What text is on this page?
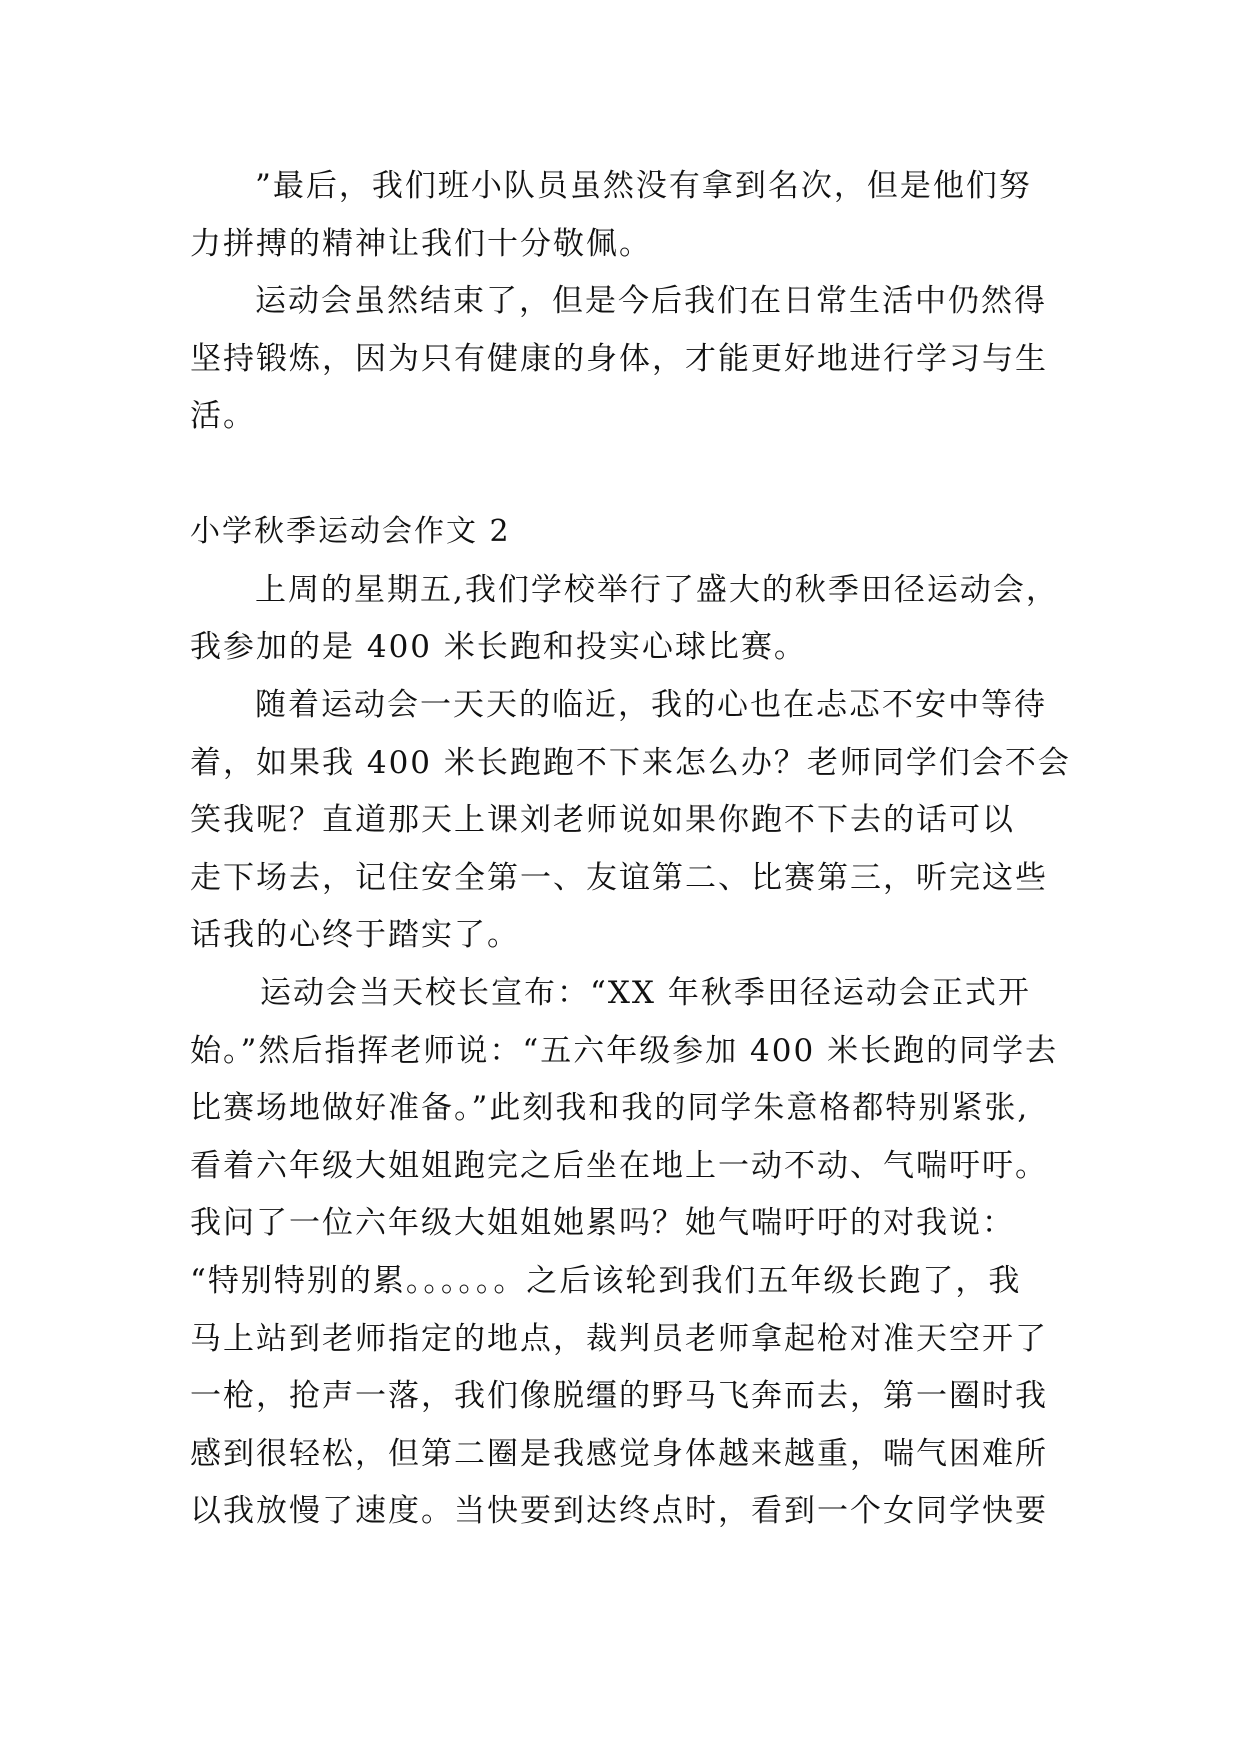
”最后，我们班小队员虽然没有拿到名次，但是他们努
力拼搏的精神让我们十分敬佩。
运动会虽然结束了，但是今后我们在日常生活中仍然得
坚持锻炼，因为只有健康的身体，才能更好地进行学习与生
活。
小学秋季运动会作文 2
上周的星期五,我们学校举行了盛大的秋季田径运动会，
我参加的是 400 米长跑和投实心球比赛。
随着运动会一天天的临近，我的心也在忐忑不安中等待
着，如果我 400 米长跑跑不下来怎么办？老师同学们会不会
笑我呢？直道那天上课刘老师说如果你跑不下去的话可以
走下场去，记住安全第一、友谊第二、比赛第三，听完这些
话我的心终于踏实了。
运动会当天校长宣布：“XX 年秋季田径运动会正式开
始。”然后指挥老师说：“五六年级参加 400 米长跑的同学去
比赛场地做好准备。”此刻我和我的同学朱意格都特别紧张,
看着六年级大姐姐跑完之后坐在地上一动不动、气喘吁吁。
我问了一位六年级大姐姐她累吗？她气喘吁吁的对我说：
“特别特别的累。。。。。。之后该轮到我们五年级长跑了，我
马上站到老师指定的地点，裁判员老师拿起枪对准天空开了
一枪，抢声一落，我们像脱缰的野马飞奔而去，第一圈时我
感到很轻松，但第二圈是我感觉身体越来越重，喘气困难所
以我放慢了速度。当快要到达终点时，看到一个女同学快要
